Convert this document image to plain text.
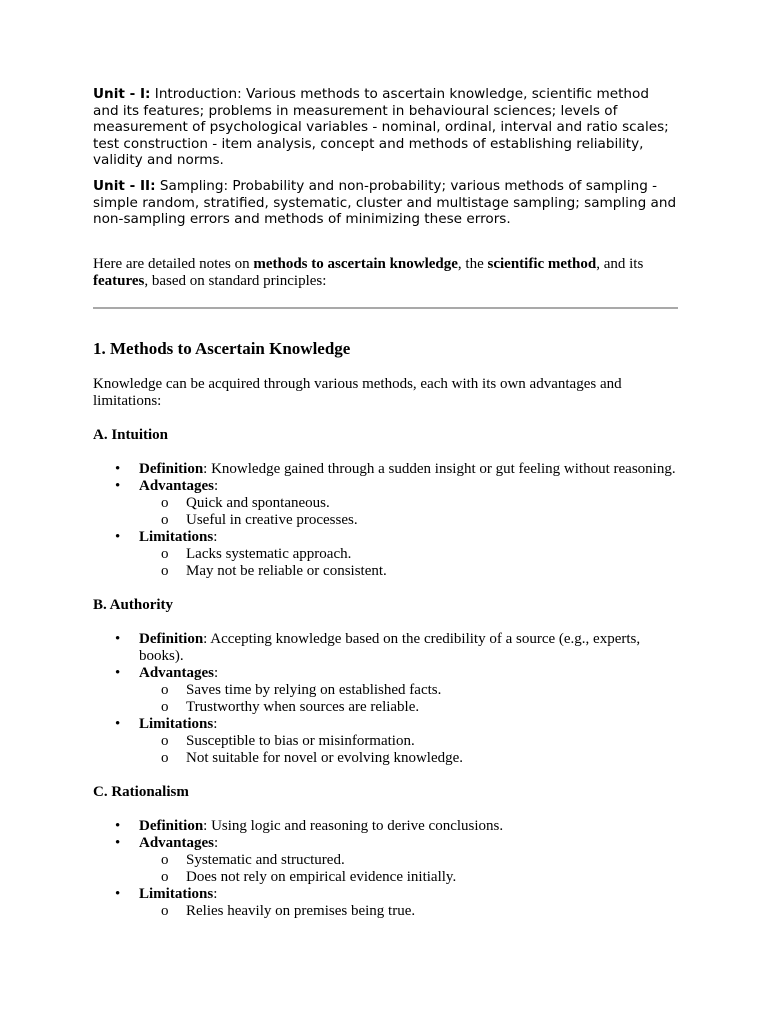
Unit - I: Introduction: Various methods to ascertain knowledge, scientific method and its features; problems in measurement in behavioural sciences; levels of measurement of psychological variables - nominal, ordinal, interval and ratio scales; test construction - item analysis, concept and methods of establishing reliability, validity and norms.

Unit - II: Sampling: Probability and non-probability; various methods of sampling - simple random, stratified, systematic, cluster and multistage sampling; sampling and non-sampling errors and methods of minimizing these errors.

Here are detailed notes on methods to ascertain knowledge, the scientific method, and its features, based on standard principles:

1. Methods to Ascertain Knowledge

Knowledge can be acquired through various methods, each with its own advantages and limitations:

A. Intuition
• Definition: Knowledge gained through a sudden insight or gut feeling without reasoning.
• Advantages:
o Quick and spontaneous.
o Useful in creative processes.
• Limitations:
o Lacks systematic approach.
o May not be reliable or consistent.
B. Authority
• Definition: Accepting knowledge based on the credibility of a source (e.g., experts, books).
• Advantages:
o Saves time by relying on established facts.
o Trustworthy when sources are reliable.
• Limitations:
o Susceptible to bias or misinformation.
o Not suitable for novel or evolving knowledge.
C. Rationalism
• Definition: Using logic and reasoning to derive conclusions.
• Advantages:
o Systematic and structured.
o Does not rely on empirical evidence initially.
• Limitations:
o Relies heavily on premises being true.
